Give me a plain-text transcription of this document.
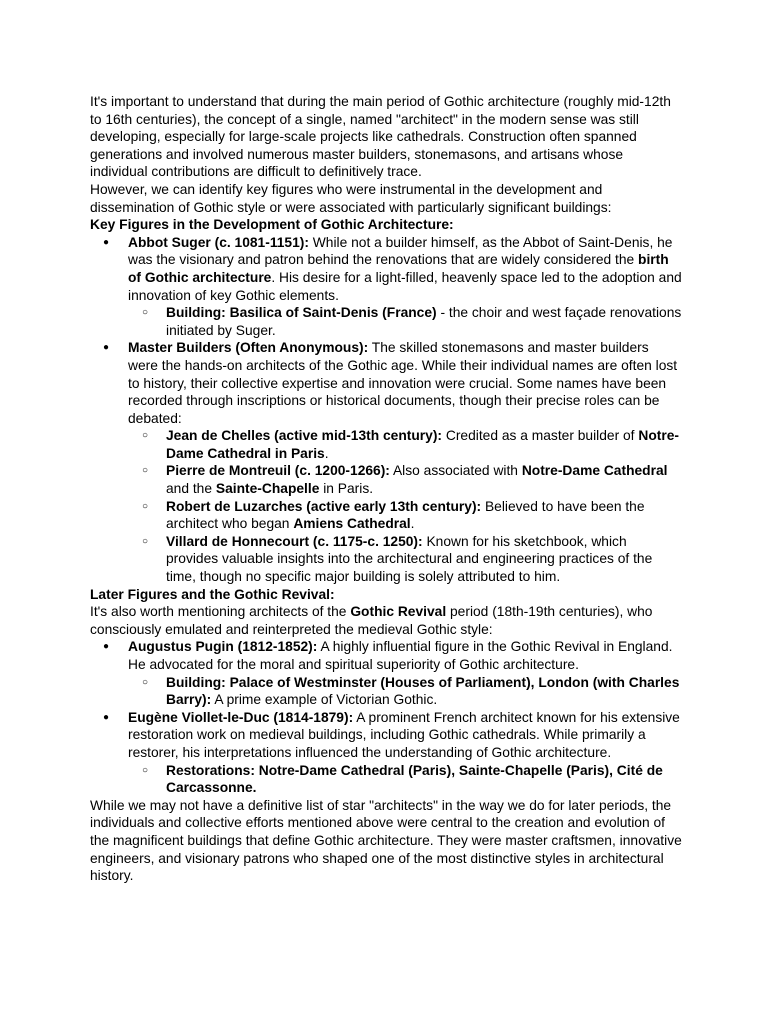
It's important to understand that during the main period of Gothic architecture (roughly mid-12th to 16th centuries), the concept of a single, named "architect" in the modern sense was still developing, especially for large-scale projects like cathedrals. Construction often spanned generations and involved numerous master builders, stonemasons, and artisans whose individual contributions are difficult to definitively trace.

However, we can identify key figures who were instrumental in the development and dissemination of Gothic style or were associated with particularly significant buildings:

Key Figures in the Development of Gothic Architecture:

● Abbot Suger (c. 1081-1151): While not a builder himself, as the Abbot of Saint-Denis, he was the visionary and patron behind the renovations that are widely considered the birth of Gothic architecture. His desire for a light-filled, heavenly space led to the adoption and innovation of key Gothic elements.
○ Building: Basilica of Saint-Denis (France) - the choir and west façade renovations initiated by Suger.
● Master Builders (Often Anonymous): The skilled stonemasons and master builders were the hands-on architects of the Gothic age. While their individual names are often lost to history, their collective expertise and innovation were crucial. Some names have been recorded through inscriptions or historical documents, though their precise roles can be debated:
○ Jean de Chelles (active mid-13th century): Credited as a master builder of Notre-Dame Cathedral in Paris.
○ Pierre de Montreuil (c. 1200-1266): Also associated with Notre-Dame Cathedral and the Sainte-Chapelle in Paris.
○ Robert de Luzarches (active early 13th century): Believed to have been the architect who began Amiens Cathedral.
○ Villard de Honnecourt (c. 1175-c. 1250): Known for his sketchbook, which provides valuable insights into the architectural and engineering practices of the time, though no specific major building is solely attributed to him.

Later Figures and the Gothic Revival:

It's also worth mentioning architects of the Gothic Revival period (18th-19th centuries), who consciously emulated and reinterpreted the medieval Gothic style:

● Augustus Pugin (1812-1852): A highly influential figure in the Gothic Revival in England. He advocated for the moral and spiritual superiority of Gothic architecture.
○ Building: Palace of Westminster (Houses of Parliament), London (with Charles Barry): A prime example of Victorian Gothic.
● Eugène Viollet-le-Duc (1814-1879): A prominent French architect known for his extensive restoration work on medieval buildings, including Gothic cathedrals. While primarily a restorer, his interpretations influenced the understanding of Gothic architecture.
○ Restorations: Notre-Dame Cathedral (Paris), Sainte-Chapelle (Paris), Cité de Carcassonne.

While we may not have a definitive list of star "architects" in the way we do for later periods, the individuals and collective efforts mentioned above were central to the creation and evolution of the magnificent buildings that define Gothic architecture. They were master craftsmen, innovative engineers, and visionary patrons who shaped one of the most distinctive styles in architectural history.
